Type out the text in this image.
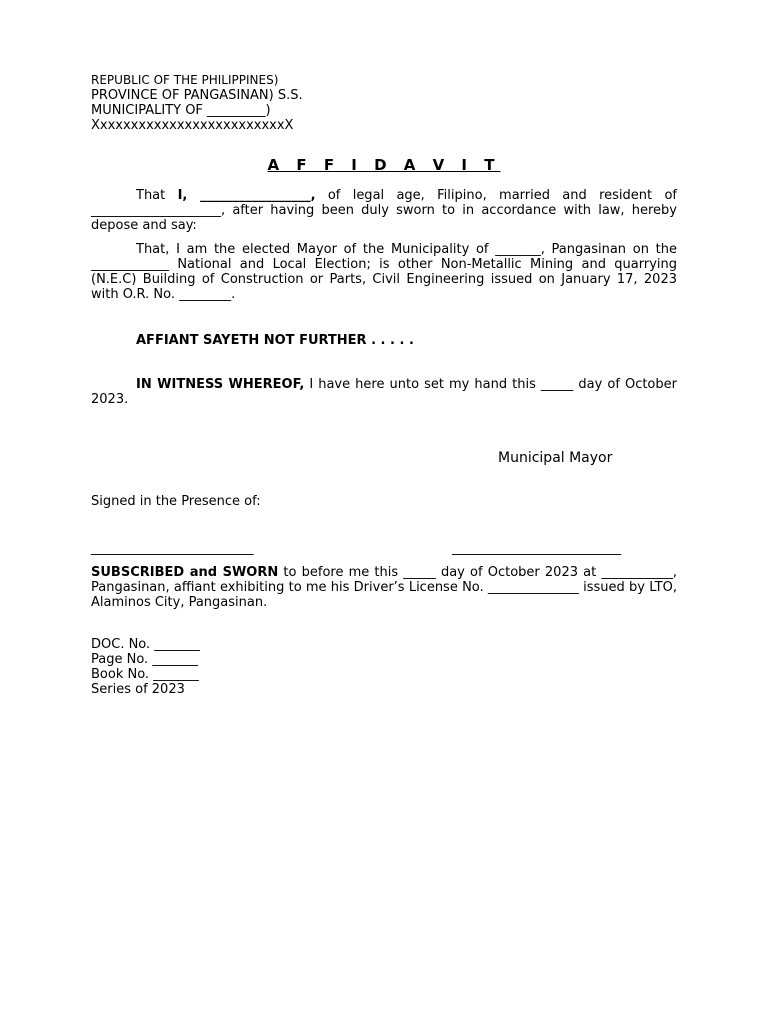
REPUBLIC OF THE PHILIPPINES)
PROVINCE OF PANGASINAN) S.S.
MUNICIPALITY OF _________)
XxxxxxxxxxxxxxxxxxxxxxxxxX
A F F I D A V I T
That I, _________________, of legal age, Filipino, married and resident of ____________________, after having been duly sworn to in accordance with law, hereby depose and say:
That, I am the elected Mayor of the Municipality of _______, Pangasinan on the ____________ National and Local Election; is other Non-Metallic Mining and quarrying (N.E.C) Building of Construction or Parts, Civil Engineering issued on January 17, 2023 with O.R. No. ________.
AFFIANT SAYETH NOT FURTHER . . . . .
IN WITNESS WHEREOF, I have here unto set my hand this _____ day of October 2023.
Municipal Mayor
Signed in the Presence of:
_________________________	__________________________
SUBSCRIBED and SWORN to before me this _____ day of October 2023 at ___________, Pangasinan, affiant exhibiting to me his Driver’s License No. ______________ issued by LTO, Alaminos City, Pangasinan.
DOC. No. _______
Page No. _______
Book No. _______
Series of 2023
